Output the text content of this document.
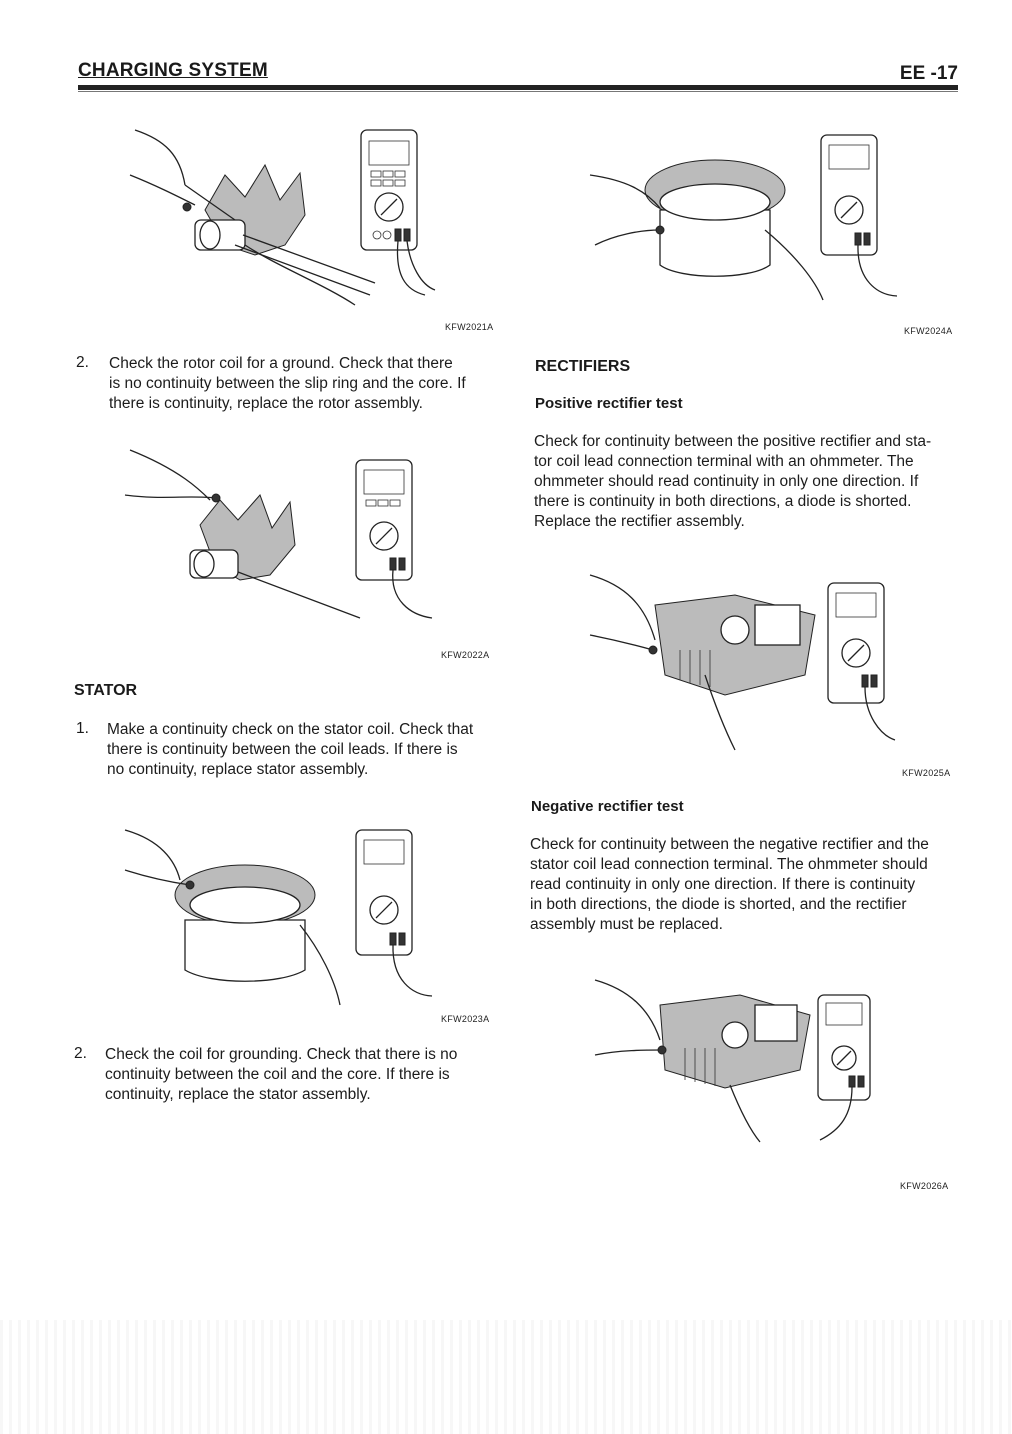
CHARGING SYSTEM	EE -17
KFW2021A
2. Check the rotor coil for a ground. Check that there
is no continuity between the slip ring and the core. If
there is continuity, replace the rotor assembly.
KFW2022A
STATOR
1. Make a continuity check on the stator coil. Check that
there is continuity between the coil leads. If there is
no continuity, replace stator assembly.
KFW2023A
2. Check the coil for grounding. Check that there is no
continuity between the coil and the core. If there is
continuity, replace the stator assembly.
KFW2024A
RECTIFIERS
Positive rectifier test
Check for continuity between the positive rectifier and sta-
tor coil lead connection terminal with an ohmmeter. The
ohmmeter should read continuity in only one direction. If
there is continuity in both directions, a diode is shorted.
Replace the rectifier assembly.
KFW2025A
Negative rectifier test
Check for continuity between the negative rectifier and the
stator coil lead connection terminal. The ohmmeter should
read continuity in only one direction. If there is continuity
in both directions, the diode is shorted, and the rectifier
assembly must be replaced.
KFW2026A
